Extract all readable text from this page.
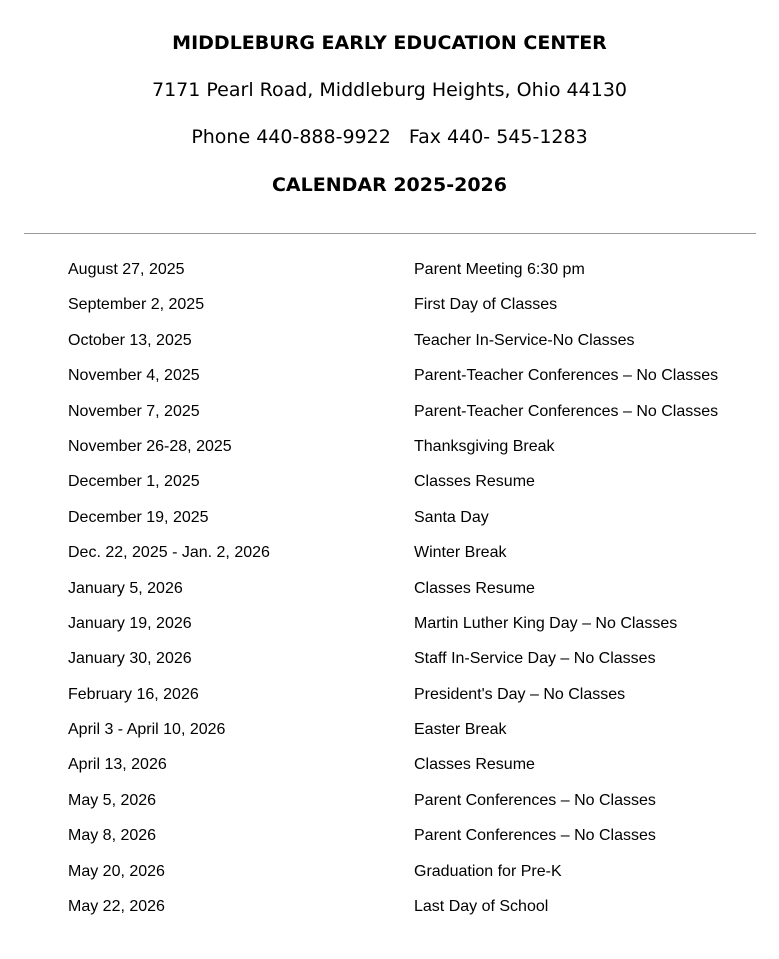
MIDDLEBURG EARLY EDUCATION CENTER
7171 Pearl Road, Middleburg Heights, Ohio 44130
Phone 440-888-9922   Fax 440- 545-1283
CALENDAR 2025-2026
August 27, 2025	Parent Meeting 6:30 pm
September 2, 2025	First Day of Classes
October 13, 2025	Teacher In-Service-No Classes
November 4, 2025	Parent-Teacher Conferences – No Classes
November 7, 2025	Parent-Teacher Conferences – No Classes
November 26-28, 2025	Thanksgiving Break
December 1, 2025	Classes Resume
December 19, 2025	Santa Day
Dec. 22, 2025 - Jan. 2, 2026	Winter Break
January 5, 2026	Classes Resume
January 19, 2026	Martin Luther King Day – No Classes
January 30, 2026	Staff In-Service Day – No Classes
February 16, 2026	President's Day – No Classes
April 3 - April 10, 2026	Easter Break
April 13, 2026	Classes Resume
May 5, 2026	Parent Conferences – No Classes
May 8, 2026	Parent Conferences – No Classes
May 20, 2026	Graduation for Pre-K
May 22, 2026	Last Day of School
